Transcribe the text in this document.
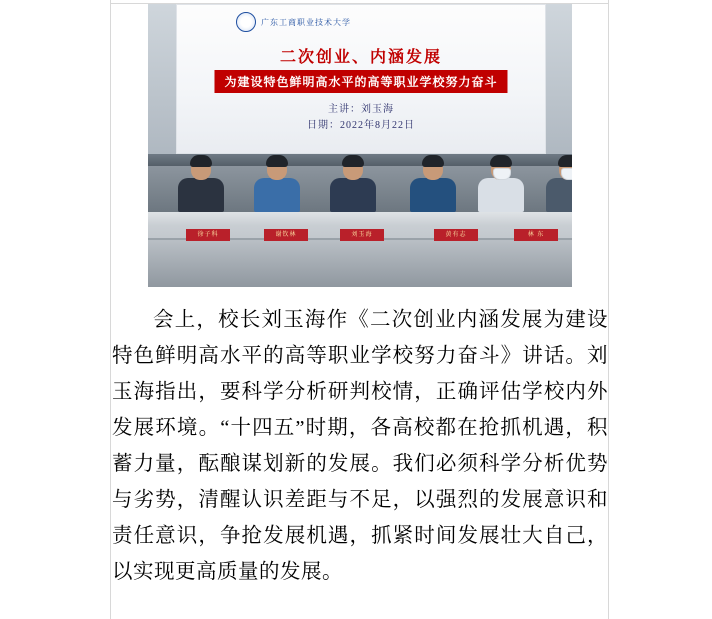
广东工商职业技术大学
二次创业、内涵发展
为建设特色鲜明高水平的高等职业学校努力奋斗
主讲：刘玉海
日期：2022年8月22日
徐子科	谢钦林	刘玉海	黄有志	林 东

会上，校长刘玉海作《二次创业内涵发展为建设特色鲜明高水平的高等职业学校努力奋斗》讲话。刘玉海指出，要科学分析研判校情，正确评估学校内外发展环境。“十四五”时期，各高校都在抢抓机遇，积蓄力量，酝酿谋划新的发展。我们必须科学分析优势与劣势，清醒认识差距与不足，以强烈的发展意识和责任意识，争抢发展机遇，抓紧时间发展壮大自己，以实现更高质量的发展。
